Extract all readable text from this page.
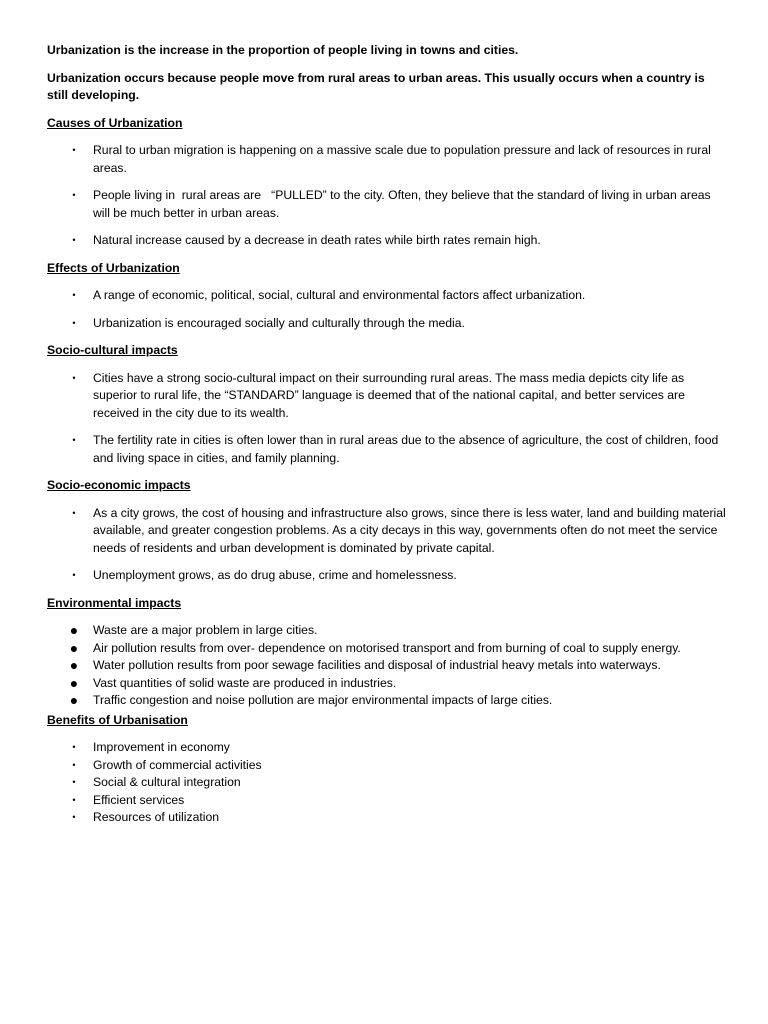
Urbanization is the increase in the proportion of people living in towns and cities.

Urbanization occurs because people move from rural areas to urban areas. This usually occurs when a country is still developing.

Causes of Urbanization

• Rural to urban migration is happening on a massive scale due to population pressure and lack of resources in rural areas.
• People living in  rural areas are   “PULLED” to the city. Often, they believe that the standard of living in urban areas will be much better in urban areas.
• Natural increase caused by a decrease in death rates while birth rates remain high.

Effects of Urbanization

• A range of economic, political, social, cultural and environmental factors affect urbanization.
• Urbanization is encouraged socially and culturally through the media.

Socio-cultural impacts

• Cities have a strong socio-cultural impact on their surrounding rural areas. The mass media depicts city life as superior to rural life, the “STANDARD” language is deemed that of the national capital, and better services are received in the city due to its wealth.
• The fertility rate in cities is often lower than in rural areas due to the absence of agriculture, the cost of children, food and living space in cities, and family planning.

Socio-economic impacts

• As a city grows, the cost of housing and infrastructure also grows, since there is less water, land and building material available, and greater congestion problems. As a city decays in this way, governments often do not meet the service needs of residents and urban development is dominated by private capital.
• Unemployment grows, as do drug abuse, crime and homelessness.

Environmental impacts

● Waste are a major problem in large cities.
● Air pollution results from over- dependence on motorised transport and from burning of coal to supply energy.
● Water pollution results from poor sewage facilities and disposal of industrial heavy metals into waterways.
● Vast quantities of solid waste are produced in industries.
● Traffic congestion and noise pollution are major environmental impacts of large cities.

Benefits of Urbanisation

• Improvement in economy
• Growth of commercial activities
• Social & cultural integration
• Efficient services
• Resources of utilization
